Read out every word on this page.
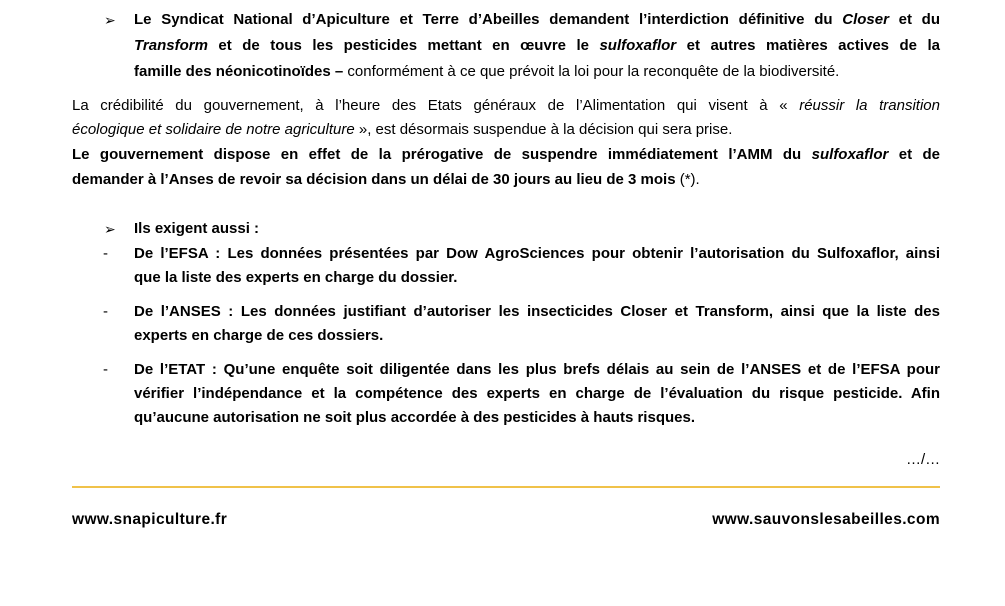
➢ Le Syndicat National d’Apiculture et Terre d’Abeilles demandent l’interdiction définitive du Closer et du
Transform et de tous les pesticides mettant en œuvre le sulfoxaflor et autres matières actives de la
famille des néonicotinoïdes – conformément à ce que prévoit la loi pour la reconquête de la biodiversité.
La crédibilité du gouvernement, à l’heure des Etats généraux de l’Alimentation qui visent à « réussir la transition
écologique et solidaire de notre agriculture », est désormais suspendue à la décision qui sera prise.
Le gouvernement dispose en effet de la prérogative de suspendre immédiatement l’AMM du sulfoxaflor et de
demander à l’Anses de revoir sa décision dans un délai de 30 jours au lieu de 3 mois (*).
➢ Ils exigent aussi :
- De l’EFSA : Les données présentées par Dow AgroSciences pour obtenir l’autorisation du Sulfoxaflor, ainsi
que la liste des experts en charge du dossier.
- De l’ANSES : Les données justifiant d’autoriser les insecticides Closer et Transform, ainsi que la liste des
experts en charge de ces dossiers.
- De l’ETAT : Qu’une enquête soit diligentée dans les plus brefs délais au sein de l’ANSES et de l’EFSA pour
vérifier l’indépendance et la compétence des experts en charge de l’évaluation du risque pesticide. Afin
qu’aucune autorisation ne soit plus accordée à des pesticides à hauts risques.
…/…
www.snapiculture.fr	www.sauvonslesabeilles.com
